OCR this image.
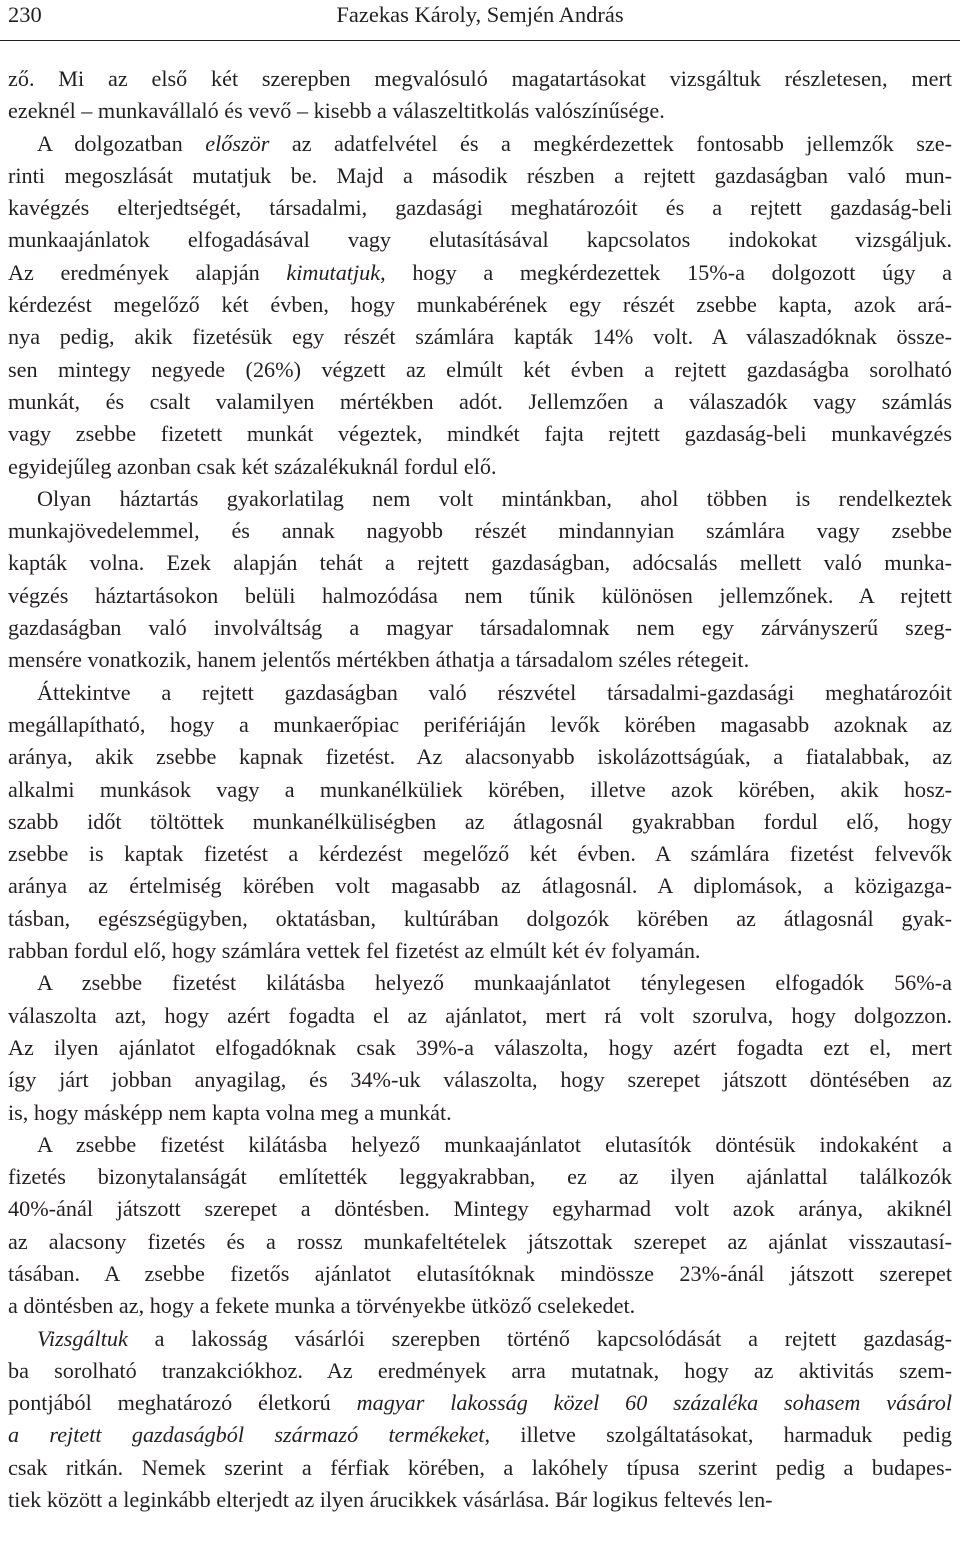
230	Fazekas Károly, Semjén András

ző. Mi az első két szerepben megvalósuló magatartásokat vizsgáltuk részletesen, mert
ezeknél – munkavállaló és vevő – kisebb a válaszeltitkolás valószínűsége.

A dolgozatban először az adatfelvétel és a megkérdezettek fontosabb jellemzők sze-
rinti megoszlását mutatjuk be. Majd a második részben a rejtett gazdaságban való mun-
kavégzés elterjedtségét, társadalmi, gazdasági meghatározóit és a rejtett gazdaság-beli
munkaajánlatok elfogadásával vagy elutasításával kapcsolatos indokokat vizsgáljuk.
Az eredmények alapján kimutatjuk, hogy a megkérdezettek 15%-a dolgozott úgy a
kérdezést megelőző két évben, hogy munkabérének egy részét zsebbe kapta, azok ará-
nya pedig, akik fizetésük egy részét számlára kapták 14% volt. A válaszadóknak össze-
sen mintegy negyede (26%) végzett az elmúlt két évben a rejtett gazdaságba sorolható
munkát, és csalt valamilyen mértékben adót. Jellemzően a válaszadók vagy számlás
vagy zsebbe fizetett munkát végeztek, mindkét fajta rejtett gazdaság-beli munkavégzés
egyidejűleg azonban csak két százalékuknál fordul elő.

Olyan háztartás gyakorlatilag nem volt mintánkban, ahol többen is rendelkeztek
munkajövedelemmel, és annak nagyobb részét mindannyian számlára vagy zsebbe
kapták volna. Ezek alapján tehát a rejtett gazdaságban, adócsalás mellett való munka-
végzés háztartásokon belüli halmozódása nem tűnik különösen jellemzőnek. A rejtett
gazdaságban való involváltság a magyar társadalomnak nem egy zárványszerű szeg-
mensére vonatkozik, hanem jelentős mértékben áthatja a társadalom széles rétegeit.

Áttekintve a rejtett gazdaságban való részvétel társadalmi-gazdasági meghatározóit
megállapítható, hogy a munkaerőpiac perifériáján levők körében magasabb azoknak az
aránya, akik zsebbe kapnak fizetést. Az alacsonyabb iskolázottságúak, a fiatalabbak, az
alkalmi munkások vagy a munkanélküliek körében, illetve azok körében, akik hosz-
szabb időt töltöttek munkanélküliségben az átlagosnál gyakrabban fordul elő, hogy
zsebbe is kaptak fizetést a kérdezést megelőző két évben. A számlára fizetést felvevők
aránya az értelmiség körében volt magasabb az átlagosnál. A diplomások, a közigazga-
tásban, egészségügyben, oktatásban, kultúrában dolgozók körében az átlagosnál gyak-
rabban fordul elő, hogy számlára vettek fel fizetést az elmúlt két év folyamán.

A zsebbe fizetést kilátásba helyező munkaajánlatot ténylegesen elfogadók 56%-a
válaszolta azt, hogy azért fogadta el az ajánlatot, mert rá volt szorulva, hogy dolgozzon.
Az ilyen ajánlatot elfogadóknak csak 39%-a válaszolta, hogy azért fogadta ezt el, mert
így járt jobban anyagilag, és 34%-uk válaszolta, hogy szerepet játszott döntésében az
is, hogy másképp nem kapta volna meg a munkát.

A zsebbe fizetést kilátásba helyező munkaajánlatot elutasítók döntésük indokaként a
fizetés bizonytalanságát említették leggyakrabban, ez az ilyen ajánlattal találkozók
40%-ánál játszott szerepet a döntésben. Mintegy egyharmad volt azok aránya, akiknél
az alacsony fizetés és a rossz munkafeltételek játszottak szerepet az ajánlat visszautasí-
tásában. A zsebbe fizetős ajánlatot elutasítóknak mindössze 23%-ánál játszott szerepet
a döntésben az, hogy a fekete munka a törvényekbe ütköző cselekedet.

Vizsgáltuk a lakosság vásárlói szerepben történő kapcsolódását a rejtett gazdaság-
ba sorolható tranzakciókhoz. Az eredmények arra mutatnak, hogy az aktivitás szem-
pontjából meghatározó életkorú magyar lakosság közel 60 százaléka sohasem vásárol
a rejtett gazdaságból származó termékeket, illetve szolgáltatásokat, harmaduk pedig
csak ritkán. Nemek szerint a férfiak körében, a lakóhely típusa szerint pedig a budapes-
tiek között a leginkább elterjedt az ilyen árucikkek vásárlása. Bár logikus feltevés len-
